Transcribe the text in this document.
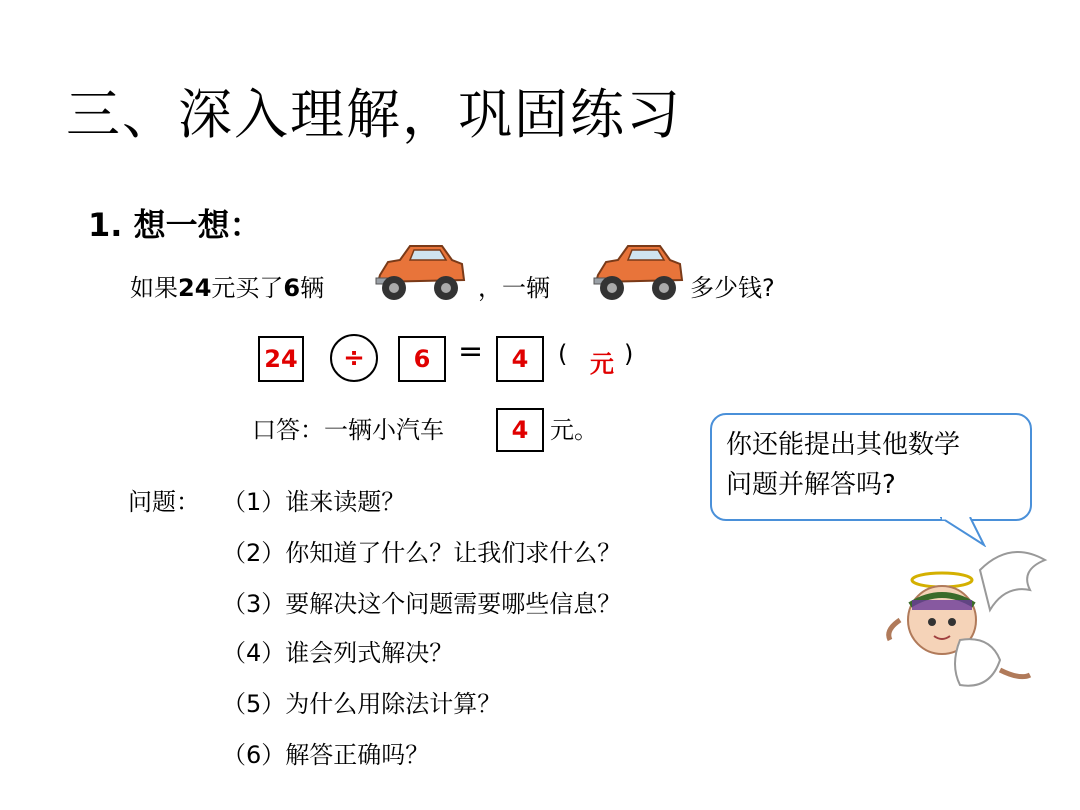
三、深入理解，巩固练习
1. 想一想：
如果24元买了6辆	，一辆	多少钱?
24	÷	6 =	4	( 元 )
口答：一辆小汽车	4 元。
问题： （1）谁来读题？
（2）你知道了什么？让我们求什么？
（3）要解决这个问题需要哪些信息？
（4）谁会列式解决？
（5）为什么用除法计算？
（6）解答正确吗？
你还能提出其他数学
问题并解答吗?
